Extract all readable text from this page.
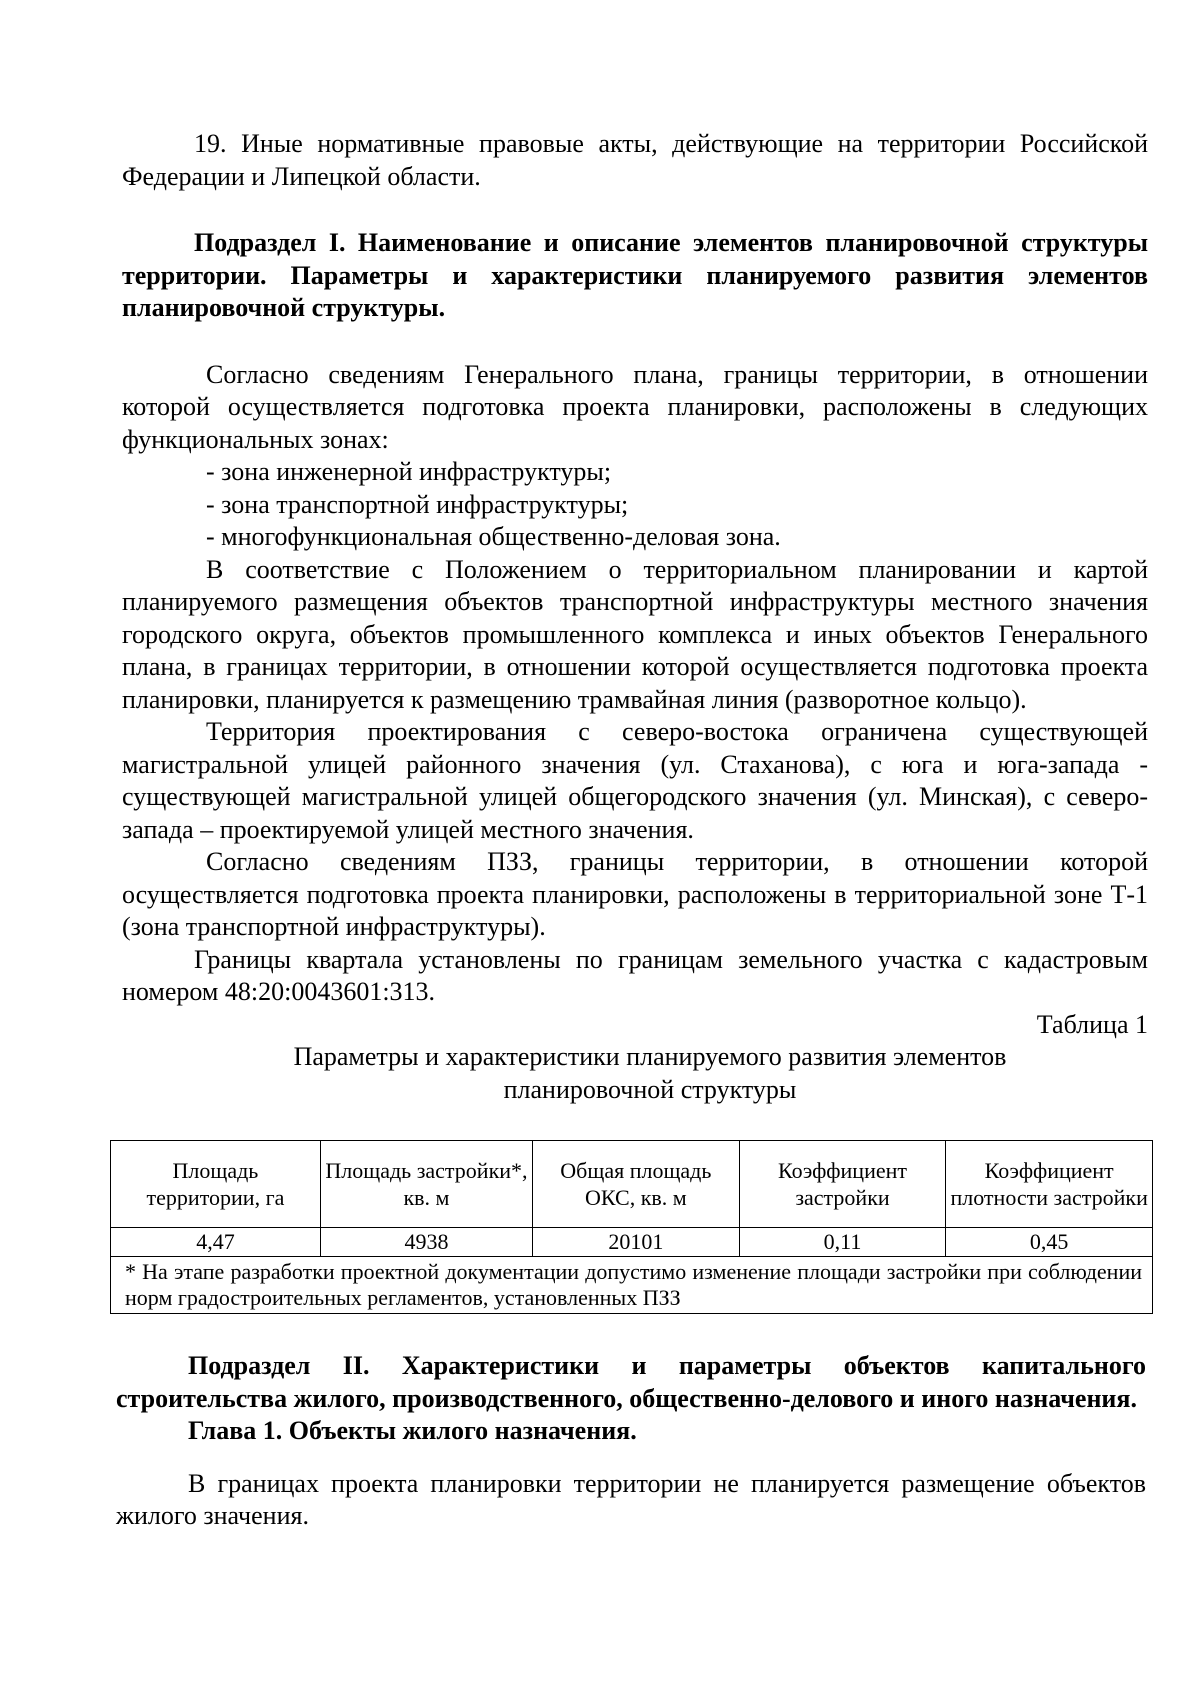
19. Иные нормативные правовые акты, действующие на территории Российской Федерации и Липецкой области.

Подраздел I. Наименование и описание элементов планировочной структуры территории. Параметры и характеристики планируемого развития элементов планировочной структуры.

Согласно сведениям Генерального плана, границы территории, в отношении которой осуществляется подготовка проекта планировки, расположены в следующих функциональных зонах:

- зона инженерной инфраструктуры;

- зона транспортной инфраструктуры;

- многофункциональная общественно-деловая зона.

В соответствие с Положением о территориальном планировании и картой планируемого размещения объектов транспортной инфраструктуры местного значения городского округа, объектов промышленного комплекса и иных объектов Генерального плана, в границах территории, в отношении которой осуществляется подготовка проекта планировки, планируется к размещению трамвайная линия (разворотное кольцо).

Территория проектирования с северо-востока ограничена существующей магистральной улицей районного значения (ул. Стаханова), с юга и юга-запада - существующей магистральной улицей общегородского значения (ул. Минская), с северо-запада – проектируемой улицей местного значения.

Согласно сведениям ПЗЗ, границы территории, в отношении которой осуществляется подготовка проекта планировки, расположены в территориальной зоне Т-1 (зона транспортной инфраструктуры).

Границы квартала установлены по границам земельного участка с кадастровым номером 48:20:0043601:313.

Таблица 1

Параметры и характеристики планируемого развития элементов

планировочной структуры

Площадь территории, га	Площадь застройки*, кв. м	Общая площадь ОКС, кв. м	Коэффициент застройки	Коэффициент плотности застройки
4,47	4938	20101	0,11	0,45
* На этапе разработки проектной документации допустимо изменение площади застройки при соблюдении норм градостроительных регламентов, установленных ПЗЗ				

Подраздел II. Характеристики и параметры объектов капитального строительства жилого, производственного, общественно-делового и иного назначения.

Глава 1. Объекты жилого назначения.

В границах проекта планировки территории не планируется размещение объектов жилого значения.
